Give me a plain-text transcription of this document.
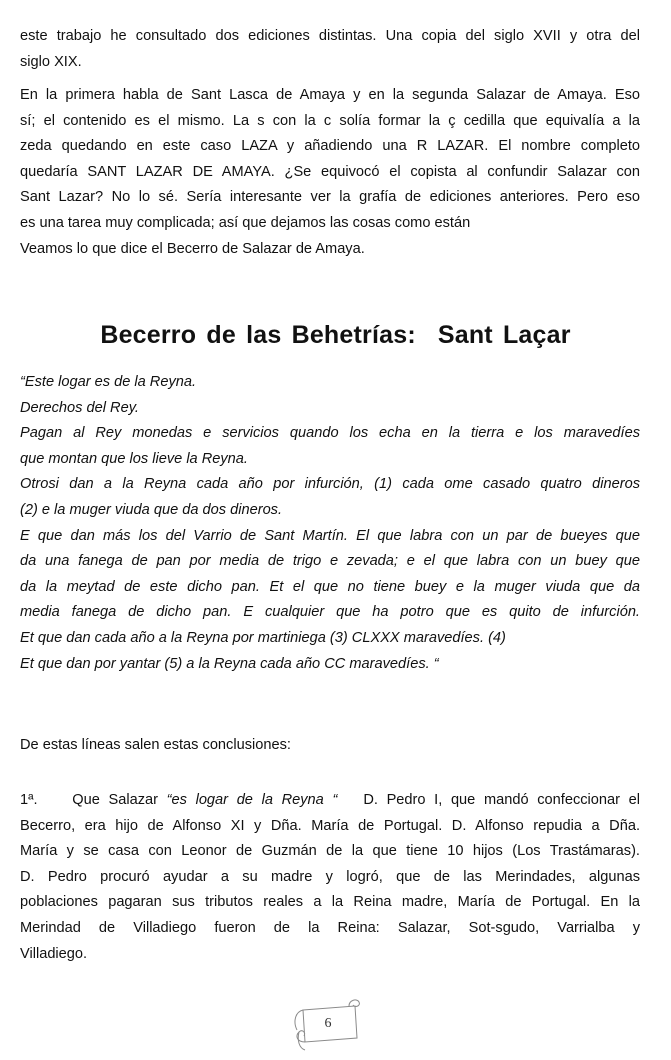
este trabajo he consultado dos ediciones distintas. Una copia del siglo XVII y otra del
siglo XIX.
En la primera habla de Sant Lasca de Amaya y en la segunda Salazar de Amaya. Eso
sí; el contenido es el mismo. La s con la c solía formar la ç cedilla que equivalía a la
zeda quedando en este caso LAZA y añadiendo una R LAZAR. El nombre completo
quedaría SANT LAZAR DE AMAYA. ¿Se equivocó el copista al confundir Salazar con
Sant Lazar? No lo sé. Sería interesante ver la grafía de ediciones anteriores. Pero eso
es una tarea muy complicada; así que dejamos las cosas como están
Veamos lo que dice el Becerro de Salazar de Amaya.
Becerro de las Behetrías: Sant Laçar
“Este logar es de la Reyna.
Derechos del Rey.
Pagan al Rey monedas e servicios quando los echa en la tierra e los maravedíes
que montan que los lieve la Reyna.
Otrosi dan a la Reyna cada año por infurción, (1) cada ome casado quatro dineros
(2) e la muger viuda que da dos dineros.
E que dan más los del Varrio de Sant Martín. El que labra con un par de bueyes que
da una fanega de pan por media de trigo e zevada; e el que labra con un buey que
da la meytad de este dicho pan. Et el que no tiene buey e la muger viuda que da
media fanega de dicho pan. E cualquier que ha potro que es quito de infurción.
Et que dan cada año a la Reyna por martiniega (3) CLXXX maravedíes. (4)
Et que dan por yantar (5) a la Reyna cada año CC maravedíes. “
De estas líneas salen estas conclusiones:
1ª. Que Salazar “es logar de la Reyna “ D. Pedro I, que mandó confeccionar el
Becerro, era hijo de Alfonso XI y Dña. María de Portugal. D. Alfonso repudia a Dña.
María y se casa con Leonor de Guzmán de la que tiene 10 hijos (Los Trastámaras).
D. Pedro procuró ayudar a su madre y logró, que de las Merindades, algunas
poblaciones pagaran sus tributos reales a la Reina madre, María de Portugal. En la
Merindad de Villadiego fueron de la Reina: Salazar, Sot-sgudo, Varrialba y
Villadiego.
6
